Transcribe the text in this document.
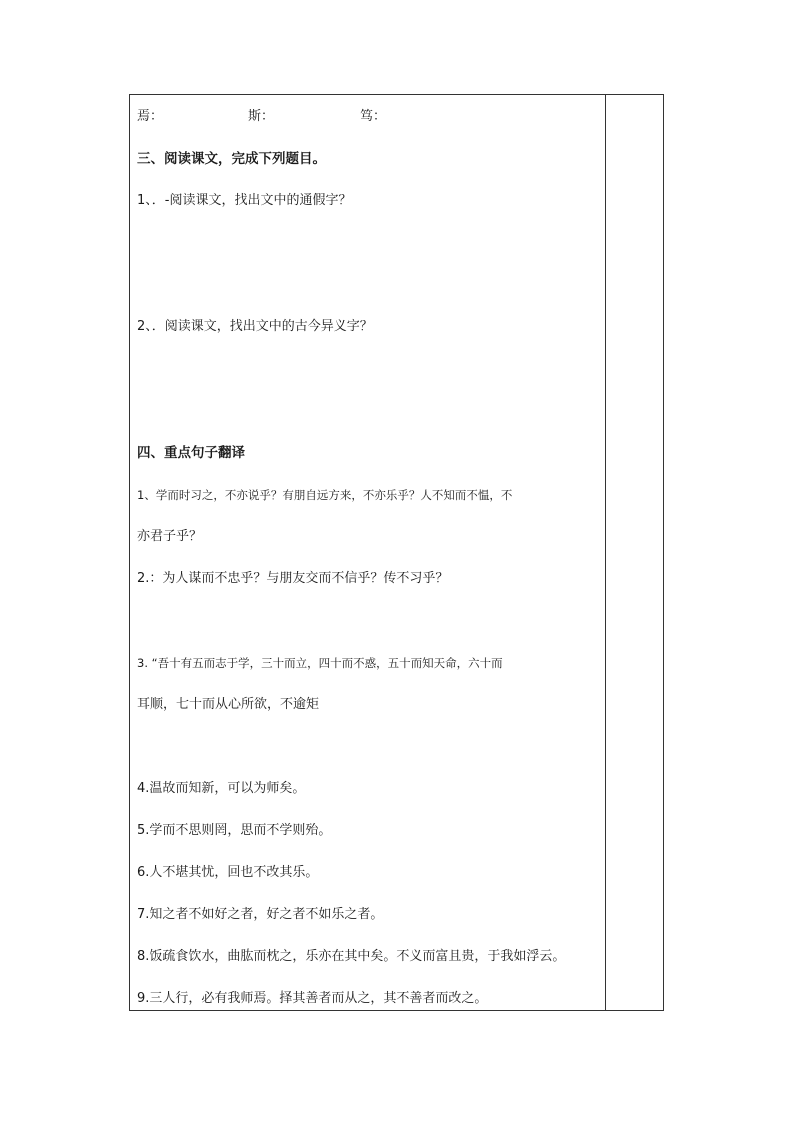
焉：	斯：	笃：
三、阅读课文，完成下列题目。
1、．-阅读课文，找出文中的通假字？
2、．阅读课文，找出文中的古今异义字？
四、重点句子翻译
1、学而时习之，不亦说乎？有朋自远方来，不亦乐乎？人不知而不愠，不
亦君子乎？
2.：为人谋而不忠乎？与朋友交而不信乎？传不习乎？
3. “吾十有五而志于学，三十而立，四十而不惑，五十而知天命，六十而
耳顺，七十而从心所欲，不逾矩
4.温故而知新，可以为师矣。
5.学而不思则罔，思而不学则殆。
6.人不堪其忧，回也不改其乐。
7.知之者不如好之者，好之者不如乐之者。
8.饭疏食饮水，曲肱而枕之，乐亦在其中矣。不义而富且贵，于我如浮云。
9.三人行，必有我师焉。择其善者而从之，其不善者而改之。
